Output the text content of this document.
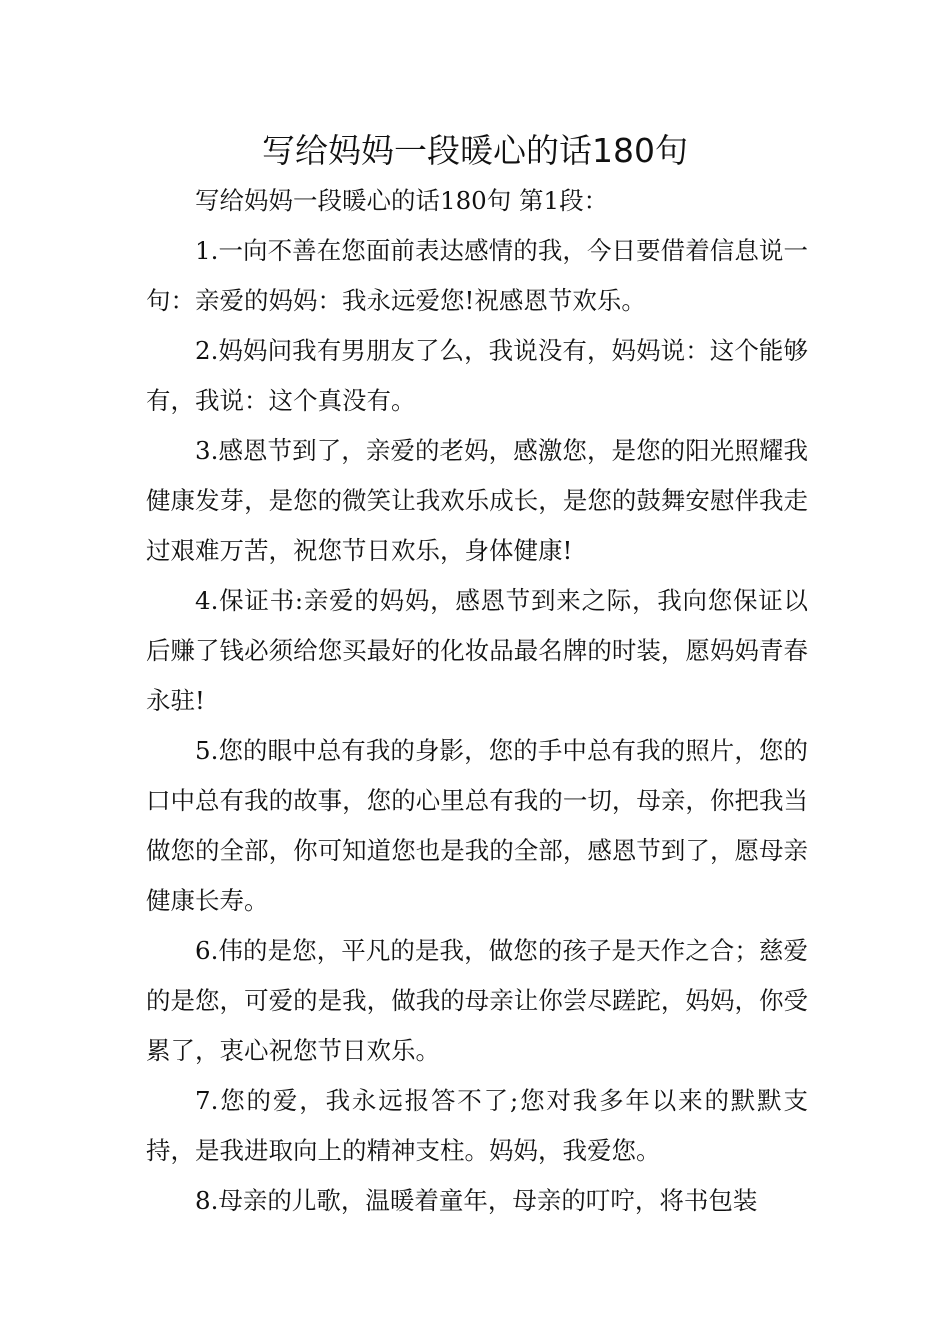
写给妈妈一段暖心的话180句

写给妈妈一段暖心的话180句 第1段：

1.一向不善在您面前表达感情的我，今日要借着信息说一句：亲爱的妈妈：我永远爱您!祝感恩节欢乐。

2.妈妈问我有男朋友了么，我说没有，妈妈说：这个能够有，我说：这个真没有。

3.感恩节到了，亲爱的老妈，感激您，是您的阳光照耀我健康发芽，是您的微笑让我欢乐成长，是您的鼓舞安慰伴我走过艰难万苦，祝您节日欢乐，身体健康!

4.保证书:亲爱的妈妈，感恩节到来之际，我向您保证以后赚了钱必须给您买最好的化妆品最名牌的时装，愿妈妈青春永驻!

5.您的眼中总有我的身影，您的手中总有我的照片，您的口中总有我的故事，您的心里总有我的一切，母亲，你把我当做您的全部，你可知道您也是我的全部，感恩节到了，愿母亲健康长寿。

6.伟的是您，平凡的是我，做您的孩子是天作之合；慈爱的是您，可爱的是我，做我的母亲让你尝尽蹉跎，妈妈，你受累了，衷心祝您节日欢乐。

7.您的爱，我永远报答不了;您对我多年以来的默默支持，是我进取向上的精神支柱。妈妈，我爱您。

8.母亲的儿歌，温暖着童年，母亲的叮咛，将书包装
